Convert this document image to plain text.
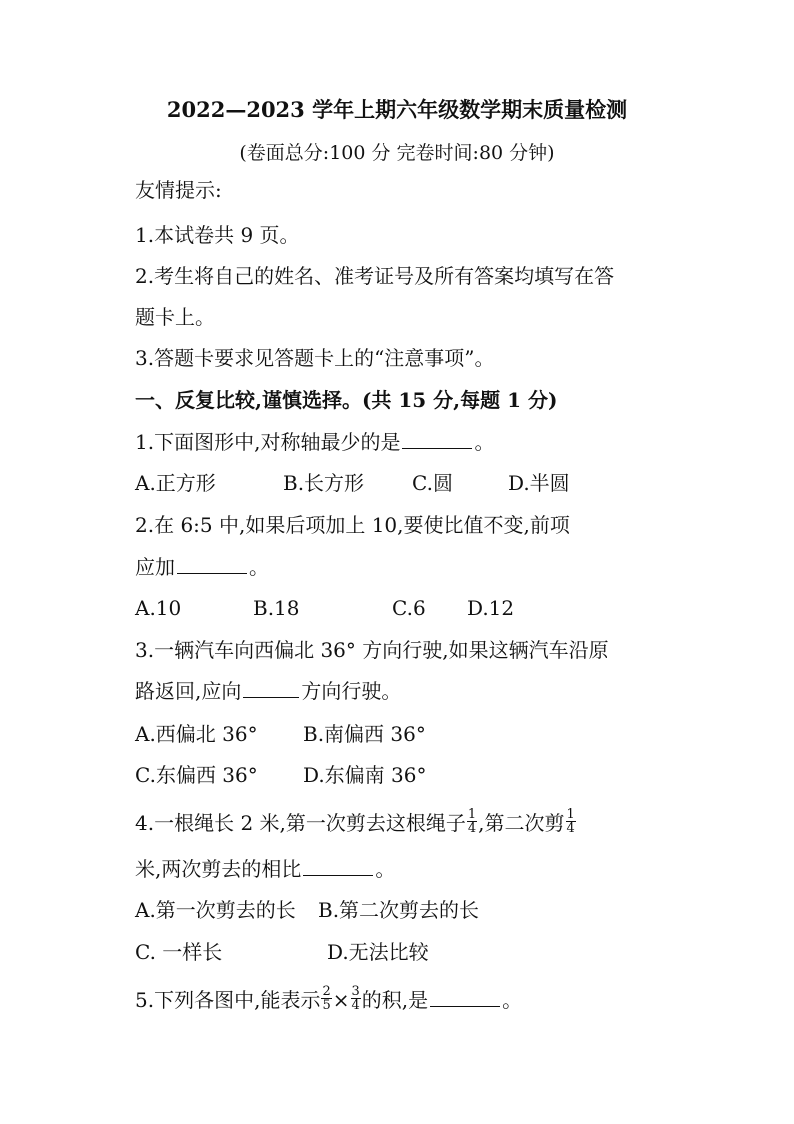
2022—2023 学年上期六年级数学期末质量检测
(卷面总分:100 分 完卷时间:80 分钟)
友情提示:
1.本试卷共 9 页。
2.考生将自己的姓名、准考证号及所有答案均填写在答
题卡上。
3.答题卡要求见答题卡上的“注意事项”。
一、反复比较,谨慎选择。(共 15 分,每题 1 分)
1.下面图形中,对称轴最少的是	。
A.正方形	B.长方形 C.圆	D.半圆
2.在 6:5 中,如果后项加上 10,要使比值不变,前项
应加	。
A.10	B.18	C.6 D.12
3.一辆汽车向西偏北 36° 方向行驶,如果这辆汽车沿原
路返回,应向	方向行驶。
A.西偏北 36° B.南偏西 36°
C.东偏西 36° D.东偏南 36°
4.一根绳长 2 米,第一次剪去这根绳子 $\frac{1}{4}$ ,第二次剪 $\frac{1}{4}$
米,两次剪去的相比	。
A.第一次剪去的长 B.第二次剪去的长
C. 一样长	D.无法比较
5.下列各图中,能表示 $\frac{2}{5} \times \frac{3}{4}$ 的积,是	。
